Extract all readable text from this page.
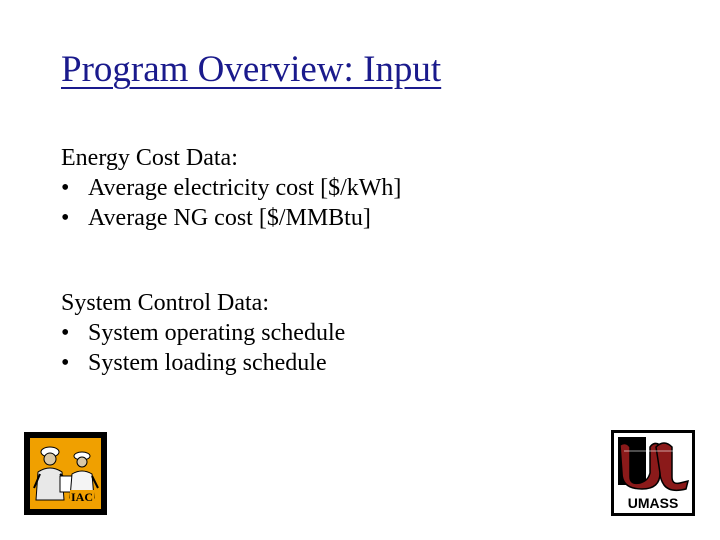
Program Overview: Input

Energy Cost Data:

• Average electricity cost [$/kWh]
• Average NG cost [$/MMBtu]

System Control Data:

• System operating schedule
• System loading schedule
IAC	UMASS
